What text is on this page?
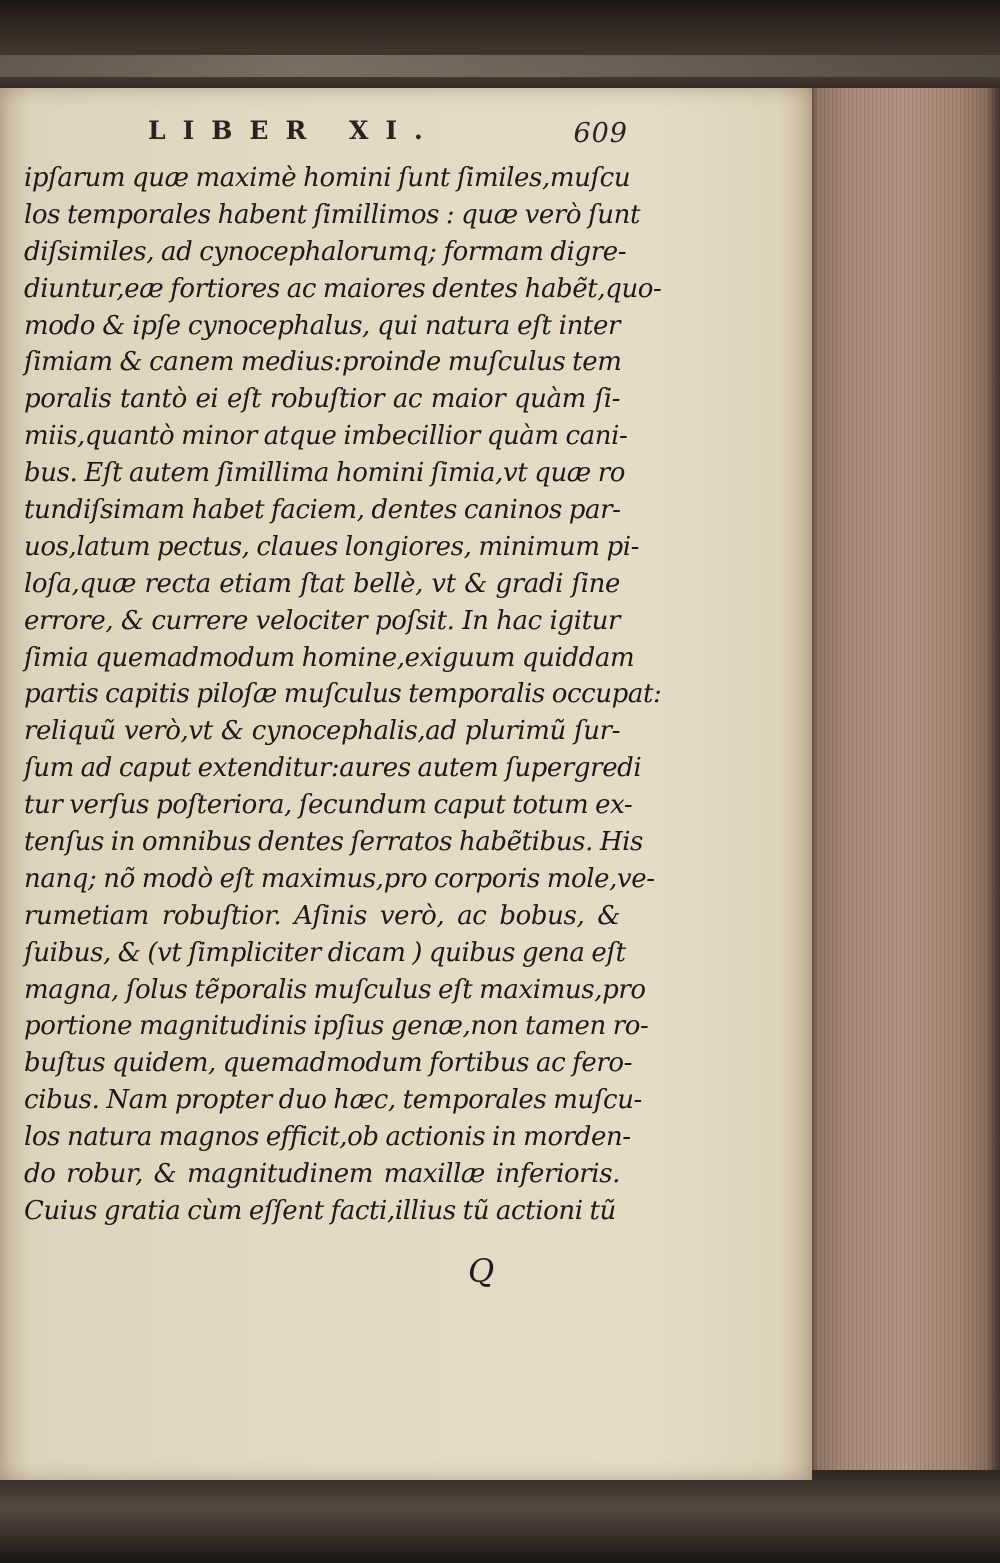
LIBER XI.	609
ipſarum quæ maximè homini ſunt ſimiles,muſcu
los temporales habent ſimillimos : quæ verò ſunt
diſsimiles, ad cynocephalorumq; formam digre-
diuntur,eæ fortiores ac maiores dentes habẽt,quo-
modo & ipſe cynocephalus, qui natura eſt inter
ſimiam & canem medius:proinde muſculus tem
poralis tantò ei eſt robuſtior ac maior quàm ſi-
miis,quantò minor atque imbecillior quàm cani-
bus. Eſt autem ſimillima homini ſimia,vt quæ ro
tundiſsimam habet faciem, dentes caninos par-
uos,latum pectus, claues longiores, minimum pi-
loſa,quæ recta etiam ſtat bellè, vt & gradi ſine
errore, & currere velociter poſsit. In hac igitur
ſimia quemadmodum homine,exiguum quiddam
partis capitis piloſæ muſculus temporalis occupat:
reliquũ verò,vt & cynocephalis,ad plurimũ ſur-
ſum ad caput extenditur:aures autem ſupergredi
tur verſus poſteriora, ſecundum caput totum ex-
tenſus in omnibus dentes ſerratos habẽtibus. His
nanq; nõ modò eſt maximus,pro corporis mole,ve-
rumetiam robuſtior. Aſinis verò, ac bobus, &
ſuibus, & (vt ſimpliciter dicam ) quibus gena eſt
magna, ſolus tẽporalis muſculus eſt maximus,pro
portione magnitudinis ipſius genæ,non tamen ro-
buſtus quidem, quemadmodum fortibus ac fero-
cibus. Nam propter duo hæc, temporales muſcu-
los natura magnos efficit,ob actionis in morden-
do robur, & magnitudinem maxillæ inferioris.
Cuius gratia cùm eſſent facti,illius tũ actioni tũ
Q
